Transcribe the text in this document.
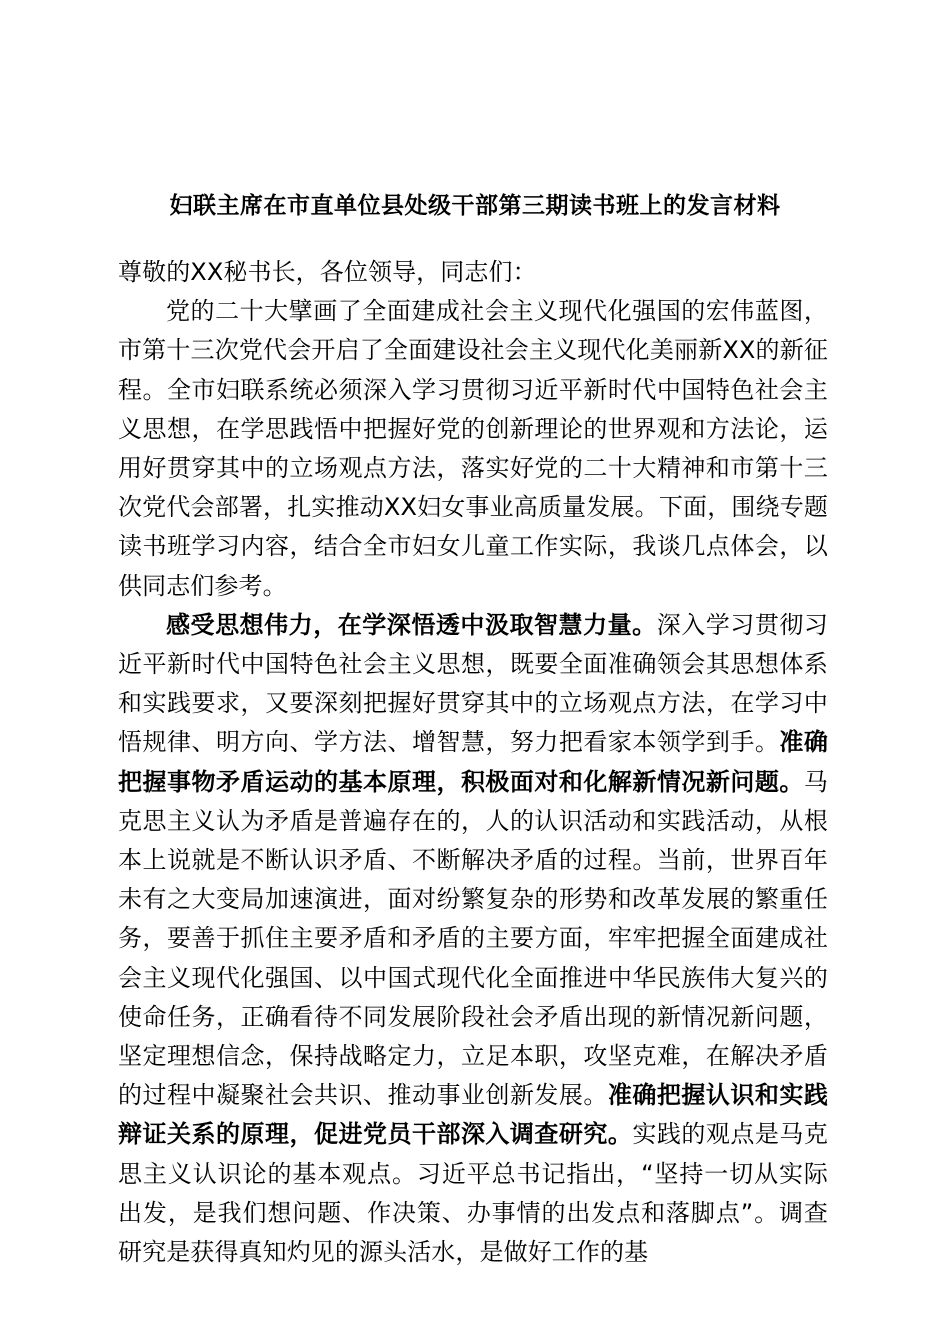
妇联主席在市直单位县处级干部第三期读书班上的发言材料

尊敬的XX秘书长，各位领导，同志们：

党的二十大擘画了全面建成社会主义现代化强国的宏伟蓝图，市第十三次党代会开启了全面建设社会主义现代化美丽新XX的新征程。全市妇联系统必须深入学习贯彻习近平新时代中国特色社会主义思想，在学思践悟中把握好党的创新理论的世界观和方法论，运用好贯穿其中的立场观点方法，落实好党的二十大精神和市第十三次党代会部署，扎实推动XX妇女事业高质量发展。下面，围绕专题读书班学习内容，结合全市妇女儿童工作实际，我谈几点体会，以供同志们参考。

感受思想伟力，在学深悟透中汲取智慧力量。深入学习贯彻习近平新时代中国特色社会主义思想，既要全面准确领会其思想体系和实践要求，又要深刻把握好贯穿其中的立场观点方法，在学习中悟规律、明方向、学方法、增智慧，努力把看家本领学到手。准确把握事物矛盾运动的基本原理，积极面对和化解新情况新问题。马克思主义认为矛盾是普遍存在的，人的认识活动和实践活动，从根本上说就是不断认识矛盾、不断解决矛盾的过程。当前，世界百年未有之大变局加速演进，面对纷繁复杂的形势和改革发展的繁重任务，要善于抓住主要矛盾和矛盾的主要方面，牢牢把握全面建成社会主义现代化强国、以中国式现代化全面推进中华民族伟大复兴的使命任务，正确看待不同发展阶段社会矛盾出现的新情况新问题，坚定理想信念，保持战略定力，立足本职，攻坚克难，在解决矛盾的过程中凝聚社会共识、推动事业创新发展。准确把握认识和实践辩证关系的原理，促进党员干部深入调查研究。实践的观点是马克思主义认识论的基本观点。习近平总书记指出，“坚持一切从实际出发，是我们想问题、作决策、办事情的出发点和落脚点”。调查研究是获得真知灼见的源头活水，是做好工作的基
